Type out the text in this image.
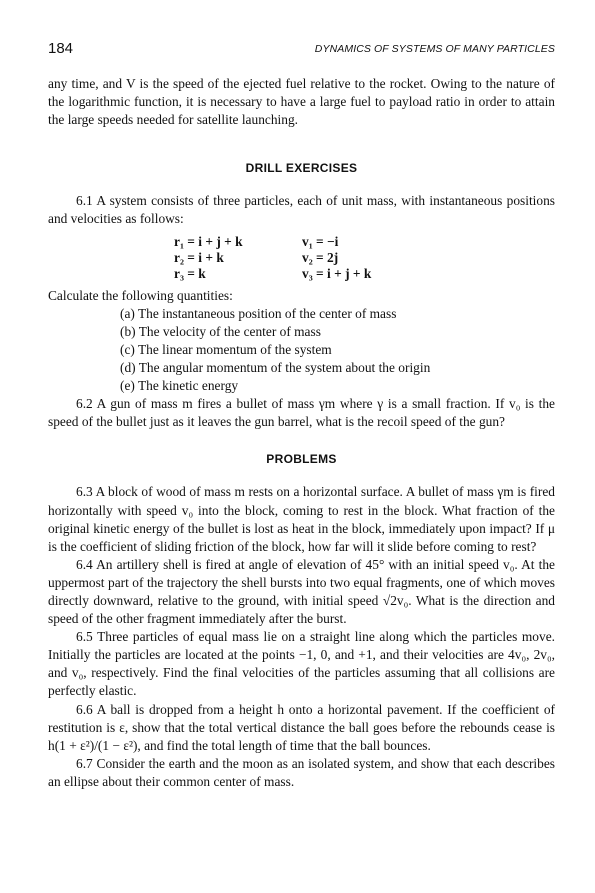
184	DYNAMICS OF SYSTEMS OF MANY PARTICLES

any time, and V is the speed of the ejected fuel relative to the rocket. Owing to the nature of the logarithmic function, it is necessary to have a large fuel to payload ratio in order to attain the large speeds needed for satellite launching.

DRILL EXERCISES

6.1 A system consists of three particles, each of unit mass, with instantaneous positions and velocities as follows:

r₁ = i + j + k	v₁ = −i
r₂ = i + k	v₂ = 2j
r₃ = k	v₃ = i + j + k

Calculate the following quantities:

(a) The instantaneous position of the center of mass
(b) The velocity of the center of mass
(c) The linear momentum of the system
(d) The angular momentum of the system about the origin
(e) The kinetic energy

6.2 A gun of mass m fires a bullet of mass γm where γ is a small fraction. If v₀ is the speed of the bullet just as it leaves the gun barrel, what is the recoil speed of the gun?

PROBLEMS

6.3 A block of wood of mass m rests on a horizontal surface. A bullet of mass γm is fired horizontally with speed v₀ into the block, coming to rest in the block. What fraction of the original kinetic energy of the bullet is lost as heat in the block, immediately upon impact? If μ is the coefficient of sliding friction of the block, how far will it slide before coming to rest?

6.4 An artillery shell is fired at angle of elevation of 45° with an initial speed v₀. At the uppermost part of the trajectory the shell bursts into two equal fragments, one of which moves directly downward, relative to the ground, with initial speed √2v₀. What is the direction and speed of the other fragment immediately after the burst.

6.5 Three particles of equal mass lie on a straight line along which the particles move. Initially the particles are located at the points −1, 0, and +1, and their velocities are 4v₀, 2v₀, and v₀, respectively. Find the final velocities of the particles assuming that all collisions are perfectly elastic.

6.6 A ball is dropped from a height h onto a horizontal pavement. If the coefficient of restitution is ε, show that the total vertical distance the ball goes before the rebounds cease is h(1 + ε²)/(1 − ε²), and find the total length of time that the ball bounces.

6.7 Consider the earth and the moon as an isolated system, and show that each describes an ellipse about their common center of mass.
